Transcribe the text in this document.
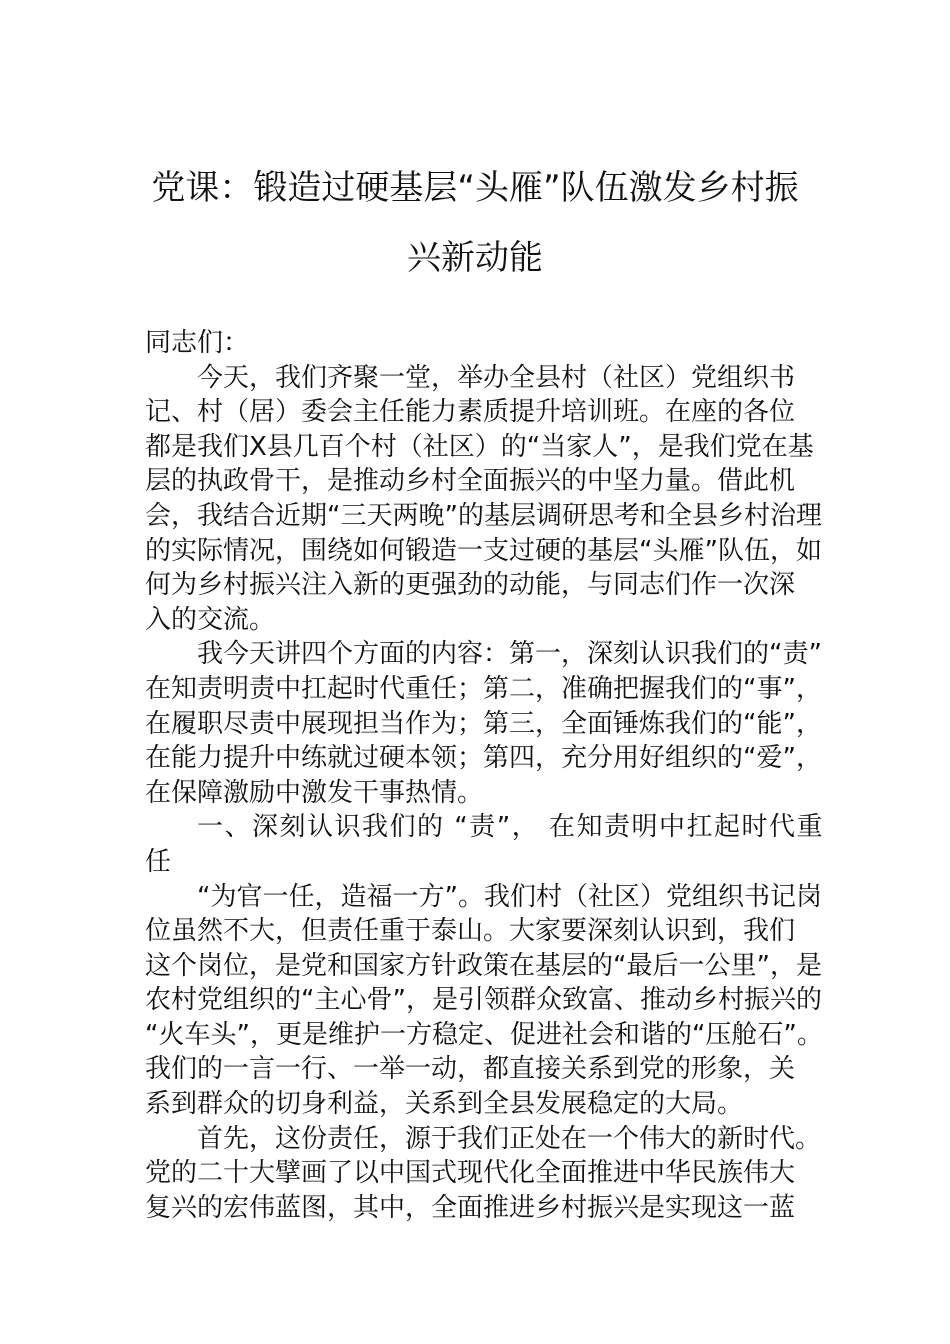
党课：锻造过硬基层“头雁”队伍激发乡村振
兴新动能
同志们：
今天，我们齐聚一堂，举办全县村（社区）党组织书
记、村（居）委会主任能力素质提升培训班。在座的各位
都是我们X县几百个村（社区）的“当家人”，是我们党在基
层的执政骨干，是推动乡村全面振兴的中坚力量。借此机
会，我结合近期“三天两晚”的基层调研思考和全县乡村治理
的实际情况，围绕如何锻造一支过硬的基层“头雁”队伍，如
何为乡村振兴注入新的更强劲的动能，与同志们作一次深
入的交流。
我今天讲四个方面的内容：第一，深刻认识我们的“责”
在知责明责中扛起时代重任；第二，准确把握我们的“事”，
在履职尽责中展现担当作为；第三，全面锤炼我们的“能”，
在能力提升中练就过硬本领；第四，充分用好组织的“爱”，
在保障激励中激发干事热情。
一、深刻认识我们的 “责”， 在知责明中扛起时代重
任
“为官一任，造福一方”。我们村（社区）党组织书记岗
位虽然不大，但责任重于泰山。大家要深刻认识到，我们
这个岗位，是党和国家方针政策在基层的“最后一公里”，是
农村党组织的“主心骨”，是引领群众致富、推动乡村振兴的
“火车头”，更是维护一方稳定、促进社会和谐的“压舱石”。
我们的一言一行、一举一动，都直接关系到党的形象，关
系到群众的切身利益，关系到全县发展稳定的大局。
首先，这份责任，源于我们正处在一个伟大的新时代。
党的二十大擘画了以中国式现代化全面推进中华民族伟大
复兴的宏伟蓝图，其中，全面推进乡村振兴是实现这一蓝
